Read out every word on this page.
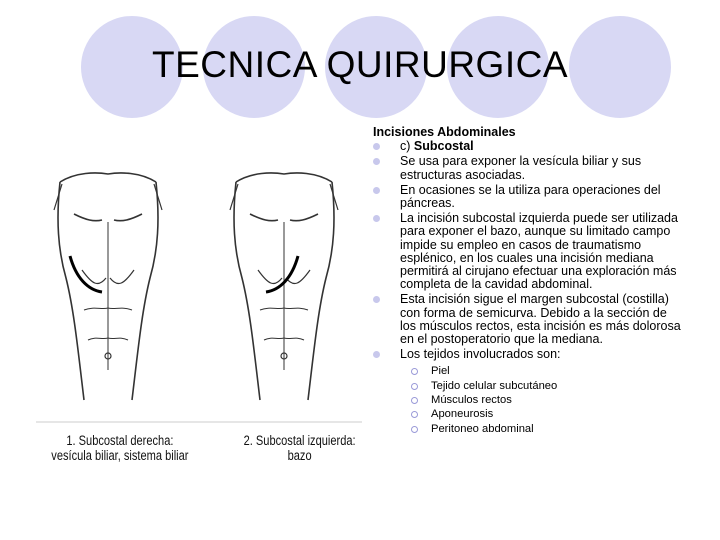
TECNICA QUIRURGICA
1. Subcostal derecha:
vesícula biliar, sistema biliar
2. Subcostal izquierda:
bazo
Incisiones Abdominales
c) Subcostal
Se usa para exponer la vesícula biliar y sus estructuras asociadas.
En ocasiones se la utiliza para operaciones del páncreas.
La incisión subcostal izquierda puede ser utilizada para exponer el bazo, aunque su limitado campo impide su empleo en casos de traumatismo esplénico, en los cuales una incisión mediana permitirá al cirujano efectuar una exploración más completa de la cavidad abdominal.
Esta incisión sigue el margen subcostal (costilla) con forma de semicurva. Debido a la sección de los músculos rectos, esta incisión es más dolorosa en el postoperatorio que la mediana.
Los tejidos involucrados son:
Piel
Tejido celular subcutáneo
Músculos rectos
Aponeurosis
Peritoneo abdominal
